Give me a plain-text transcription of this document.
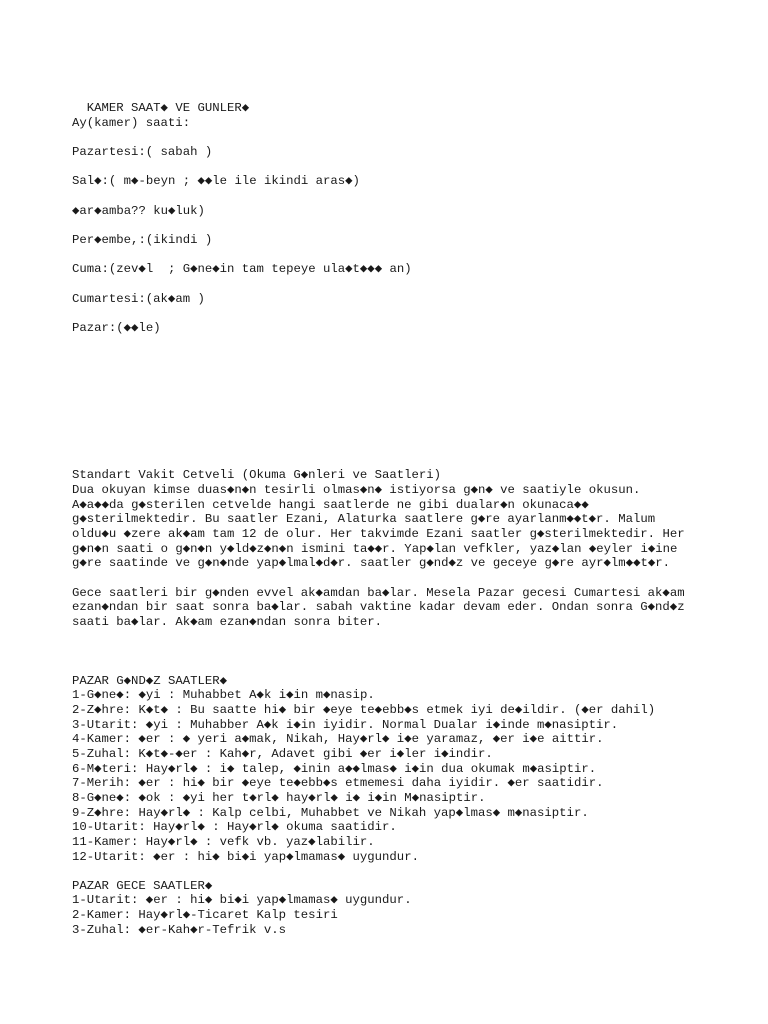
KAMER SAAT◆ VE GUNLER◆

Ay(kamer) saati:

Pazartesi:( sabah )

Sal◆:( m◆-beyn ; ◆◆le ile ikindi aras◆)

◆ar◆amba?? ku◆luk)

Per◆embe,:(ikindi )

Cuma:(zev◆l  ; G◆ne◆in tam tepeye ula◆t◆◆◆ an)

Cumartesi:(ak◆am )

Pazar:(◆◆le)

Standart Vakit Cetveli (Okuma G◆nleri ve Saatleri)

Dua okuyan kimse duas◆n◆n tesirli olmas◆n◆ istiyorsa g◆n◆ ve saatiyle okusun.

A◆a◆◆da g◆sterilen cetvelde hangi saatlerde ne gibi dualar◆n okunaca◆◆

g◆sterilmektedir. Bu saatler Ezani, Alaturka saatlere g◆re ayarlanm◆◆t◆r. Malum

oldu◆u ◆zere ak◆am tam 12 de olur. Her takvimde Ezani saatler g◆sterilmektedir. Her

g◆n◆n saati o g◆n◆n y◆ld◆z◆n◆n ismini ta◆◆r. Yap◆lan vefkler, yaz◆lan ◆eyler i◆ine

g◆re saatinde ve g◆n◆nde yap◆lmal◆d◆r. saatler g◆nd◆z ve geceye g◆re ayr◆lm◆◆t◆r.

Gece saatleri bir g◆nden evvel ak◆amdan ba◆lar. Mesela Pazar gecesi Cumartesi ak◆am

ezan◆ndan bir saat sonra ba◆lar. sabah vaktine kadar devam eder. Ondan sonra G◆nd◆z

saati ba◆lar. Ak◆am ezan◆ndan sonra biter.

PAZAR G◆ND◆Z SAATLER◆

1-G◆ne◆: ◆yi : Muhabbet A◆k i◆in m◆nasip.

2-Z◆hre: K◆t◆ : Bu saatte hi◆ bir ◆eye te◆ebb◆s etmek iyi de◆ildir. (◆er dahil)

3-Utarit: ◆yi : Muhabber A◆k i◆in iyidir. Normal Dualar i◆inde m◆nasiptir.

4-Kamer: ◆er : ◆ yeri a◆mak, Nikah, Hay◆rl◆ i◆e yaramaz, ◆er i◆e aittir.

5-Zuhal: K◆t◆-◆er : Kah◆r, Adavet gibi ◆er i◆ler i◆indir.

6-M◆teri: Hay◆rl◆ : i◆ talep, ◆inin a◆◆lmas◆ i◆in dua okumak m◆asiptir.

7-Merih: ◆er : hi◆ bir ◆eye te◆ebb◆s etmemesi daha iyidir. ◆er saatidir.

8-G◆ne◆: ◆ok : ◆yi her t◆rl◆ hay◆rl◆ i◆ i◆in M◆nasiptir.

9-Z◆hre: Hay◆rl◆ : Kalp celbi, Muhabbet ve Nikah yap◆lmas◆ m◆nasiptir.

10-Utarit: Hay◆rl◆ : Hay◆rl◆ okuma saatidir.

11-Kamer: Hay◆rl◆ : vefk vb. yaz◆labilir.

12-Utarit: ◆er : hi◆ bi◆i yap◆lmamas◆ uygundur.

PAZAR GECE SAATLER◆

1-Utarit: ◆er : hi◆ bi◆i yap◆lmamas◆ uygundur.

2-Kamer: Hay◆rl◆-Ticaret Kalp tesiri

3-Zuhal: ◆er-Kah◆r-Tefrik v.s
